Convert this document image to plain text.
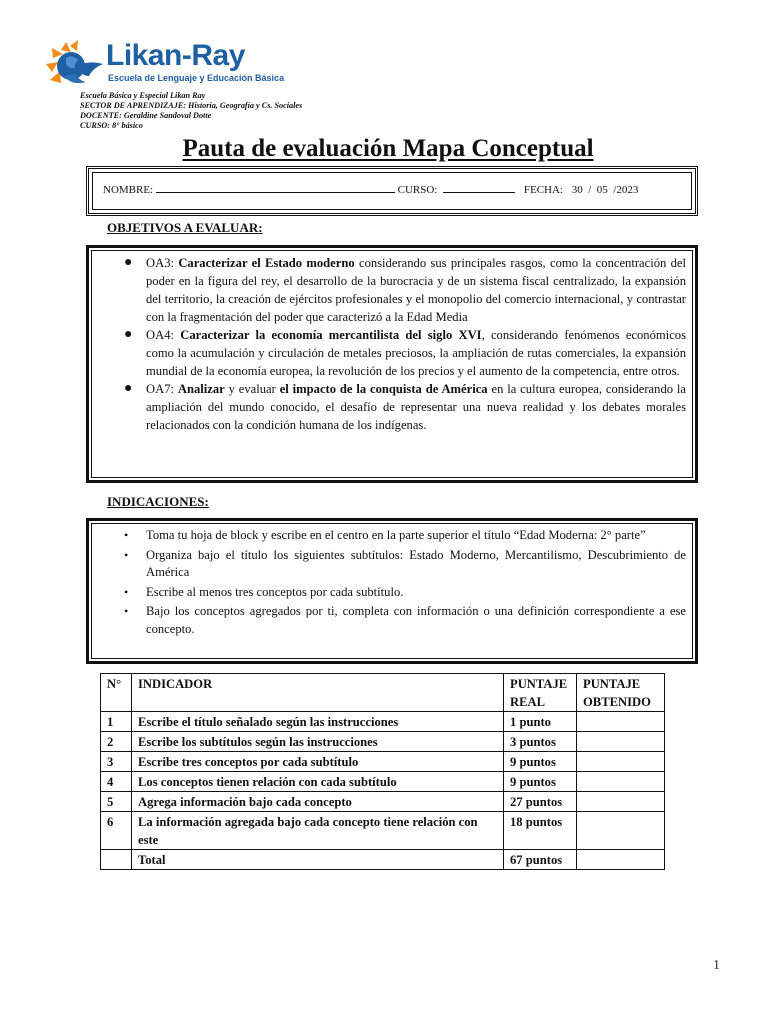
Likan-Ray
Escuela de Lenguaje y Educación Básica
Escuela Básica y Especial Likan Ray
SECTOR DE APRENDIZAJE: Historia, Geografía y Cs. Sociales
DOCENTE: Geraldine Sandoval Dotte
CURSO: 8° básico
Pauta de evaluación Mapa Conceptual
NOMBRE:	CURSO:	FECHA: 30  /  05  /2023
OBJETIVOS A EVALUAR:
● OA3: Caracterizar el Estado moderno considerando sus principales rasgos, como la concentración del poder en la figura del rey, el desarrollo de la burocracia y de un sistema fiscal centralizado, la expansión del territorio, la creación de ejércitos profesionales y el monopolio del comercio internacional, y contrastar con la fragmentación del poder que caracterizó a la Edad Media
● OA4: Caracterizar la economía mercantilista del siglo XVI, considerando fenómenos económicos como la acumulación y circulación de metales preciosos, la ampliación de rutas comerciales, la expansión mundial de la economía europea, la revolución de los precios y el aumento de la competencia, entre otros.
● OA7: Analizar y evaluar el impacto de la conquista de América en la cultura europea, considerando la ampliación del mundo conocido, el desafío de representar una nueva realidad y los debates morales relacionados con la condición humana de los indígenas.
INDICACIONES:
• Toma tu hoja de block y escribe en el centro en la parte superior el título “Edad Moderna: 2° parte”
• Organiza bajo el título los siguientes subtítulos: Estado Moderno, Mercantilismo, Descubrimiento de América
• Escribe al menos tres conceptos por cada subtítulo.
• Bajo los conceptos agregados por ti, completa con información o una definición correspondiente a ese concepto.
N°	INDICADOR	PUNTAJE REAL	PUNTAJE OBTENIDO
1	Escribe el título señalado según las instrucciones	1 punto	
2	Escribe los subtítulos según las instrucciones	3 puntos	
3	Escribe tres conceptos por cada subtítulo	9 puntos	
4	Los conceptos tienen relación con cada subtítulo	9 puntos	
5	Agrega información bajo cada concepto	27 puntos	
6	La información agregada bajo cada concepto tiene relación con este	18 puntos	
	Total	67 puntos	
1
